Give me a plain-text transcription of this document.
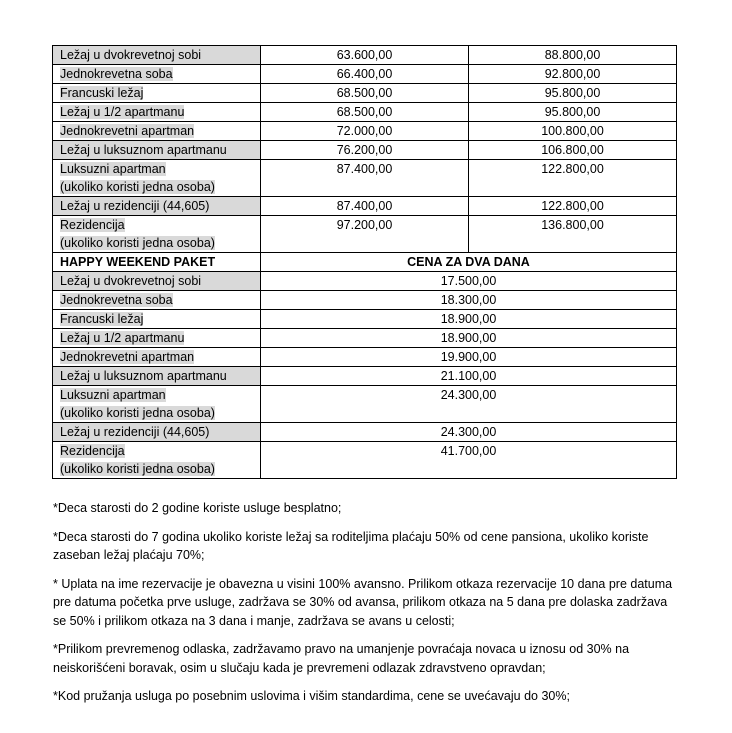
Ležaj u dvokrevetnoj sobi	63.600,00	88.800,00
Jednokrevetna soba	66.400,00	92.800,00
Francuski ležaj	68.500,00	95.800,00
Ležaj u 1/2 apartmanu	68.500,00	95.800,00
Jednokrevetni apartman	72.000,00	100.800,00
Ležaj u luksuznom apartmanu	76.200,00	106.800,00
Luksuzni apartman
(ukoliko koristi jedna osoba)	87.400,00	122.800,00
Ležaj u rezidenciji (44,605)	87.400,00	122.800,00
Rezidencija
(ukoliko koristi jedna osoba)	97.200,00	136.800,00
HAPPY WEEKEND PAKET	CENA ZA DVA DANA	
Ležaj u dvokrevetnoj sobi	17.500,00	
Jednokrevetna soba	18.300,00	
Francuski ležaj	18.900,00	
Ležaj u 1/2 apartmanu	18.900,00	
Jednokrevetni apartman	19.900,00	
Ležaj u luksuznom apartmanu	21.100,00	
Luksuzni apartman
(ukoliko koristi jedna osoba)	24.300,00	
Ležaj u rezidenciji (44,605)	24.300,00	
Rezidencija
(ukoliko koristi jedna osoba)	41.700,00	

*Deca starosti do 2 godine koriste usluge besplatno;

*Deca starosti do 7 godina ukoliko koriste ležaj sa roditeljima plaćaju 50% od cene pansiona, ukoliko koriste zaseban ležaj plaćaju 70%;

* Uplata na ime rezervacije je obavezna u visini 100% avansno. Prilikom otkaza rezervacije 10 dana pre datuma pre datuma početka prve usluge, zadržava se 30% od avansa, prilikom otkaza na 5 dana pre dolaska zadržava se 50% i prilikom otkaza na 3 dana i manje, zadržava se avans u celosti;

*Prilikom prevremenog odlaska, zadržavamo pravo na umanjenje povraćaja novaca u iznosu od 30% na neiskorišćeni boravak, osim u slučaju kada je prevremeni odlazak zdravstveno opravdan;

*Kod pružanja usluga po posebnim uslovima i višim standardima, cene se uvećavaju do 30%;
